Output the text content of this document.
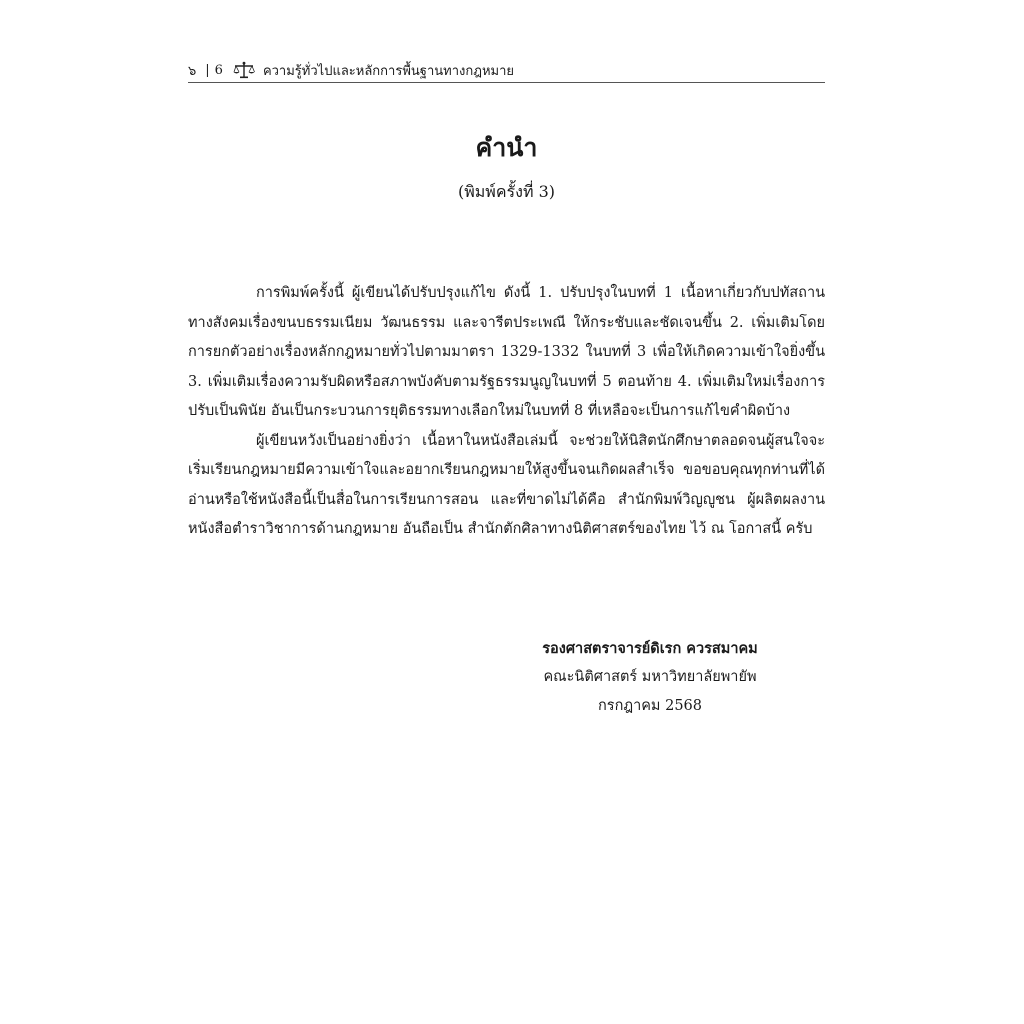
๖ | 6	ความรู้ทั่วไปและหลักการพื้นฐานทางกฎหมาย
คำนำ
(พิมพ์ครั้งที่ 3)

การพิมพ์ครั้งนี้ ผู้เขียนได้ปรับปรุงแก้ไข ดังนี้ 1. ปรับปรุงในบทที่ 1 เนื้อหาเกี่ยวกับปทัสถานทางสังคมเรื่องขนบธรรมเนียม วัฒนธรรม และจารีตประเพณี ให้กระชับและชัดเจนขึ้น 2. เพิ่มเติมโดยการยกตัวอย่างเรื่องหลักกฎหมายทั่วไปตามมาตรา 1329-1332 ในบทที่ 3 เพื่อให้เกิดความเข้าใจยิ่งขึ้น 3. เพิ่มเติมเรื่องความรับผิดหรือสภาพบังคับตามรัฐธรรมนูญในบทที่ 5 ตอนท้าย 4. เพิ่มเติมใหม่เรื่องการปรับเป็นพินัย อันเป็นกระบวนการยุติธรรมทางเลือกใหม่ในบทที่ 8 ที่เหลือจะเป็นการแก้ไขคำผิดบ้าง

ผู้เขียนหวังเป็นอย่างยิ่งว่า เนื้อหาในหนังสือเล่มนี้ จะช่วยให้นิสิตนักศึกษาตลอดจนผู้สนใจจะเริ่มเรียนกฎหมายมีความเข้าใจและอยากเรียนกฎหมายให้สูงขึ้นจนเกิดผลสำเร็จ ขอขอบคุณทุกท่านที่ได้อ่านหรือใช้หนังสือนี้เป็นสื่อในการเรียนการสอน และที่ขาดไม่ได้คือ สำนักพิมพ์วิญญูชน ผู้ผลิตผลงานหนังสือตำราวิชาการด้านกฎหมาย อันถือเป็น สำนักตักศิลาทางนิติศาสตร์ของไทย ไว้ ณ โอกาสนี้ ครับ

รองศาสตราจารย์ดิเรก ควรสมาคม
คณะนิติศาสตร์ มหาวิทยาลัยพายัพ
กรกฎาคม 2568
